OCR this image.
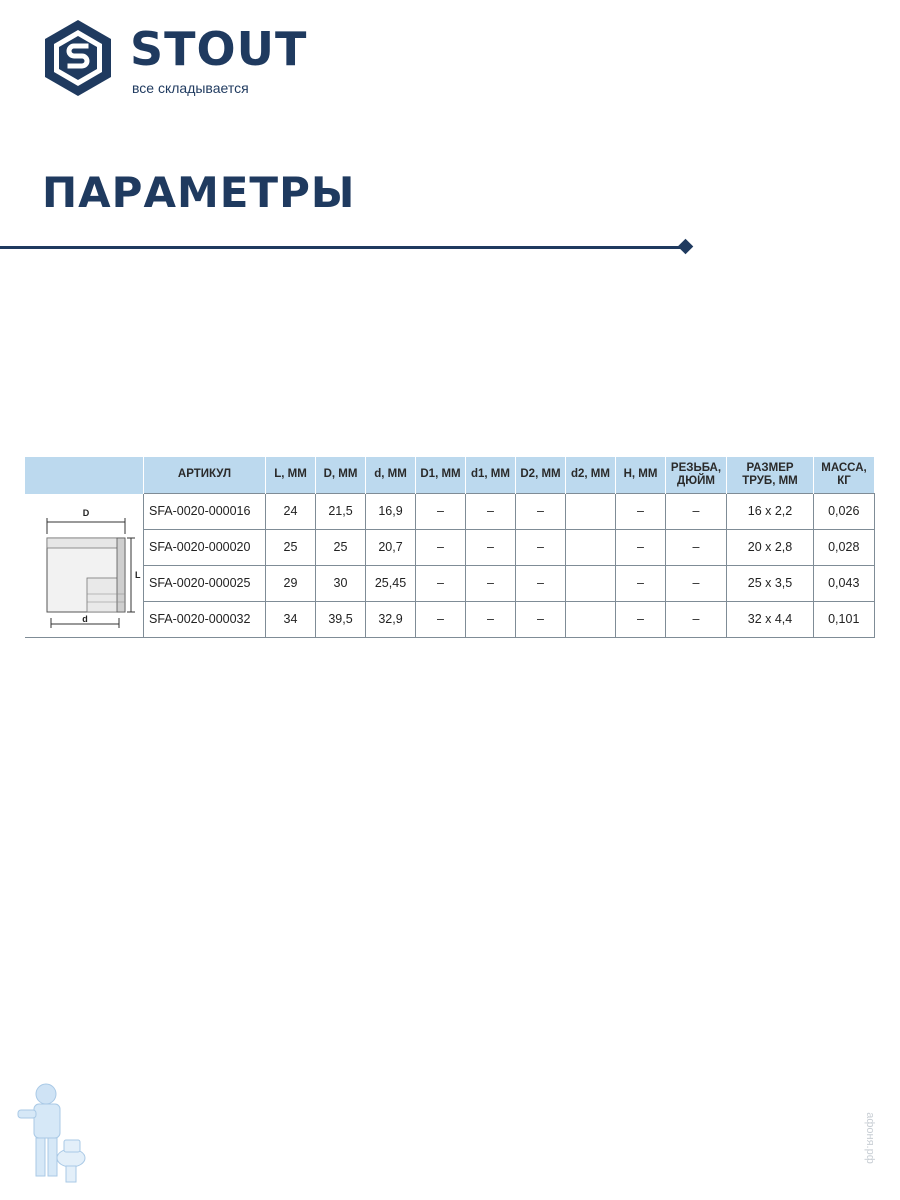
STOUT
все складывается
ПАРАМЕТРЫ
	АРТИКУЛ	L, ММ	D, ММ	d, ММ	D1, ММ	d1, ММ	D2, ММ	d2, ММ	H, ММ	РЕЗЬБА, ДЮЙМ	РАЗМЕР ТРУБ, ММ	МАССА, КГ

D
L
d	SFA-0020-000016	24	21,5	16,9	–	–	–		–	–	16 х 2,2	0,026
	SFA-0020-000020	25	25	20,7	–	–	–		–	–	20 х 2,8	0,028
	SFA-0020-000025	29	30	25,45	–	–	–		–	–	25 х 3,5	0,043
	SFA-0020-000032	34	39,5	32,9	–	–	–		–	–	32 х 4,4	0,101
афоня.рф
